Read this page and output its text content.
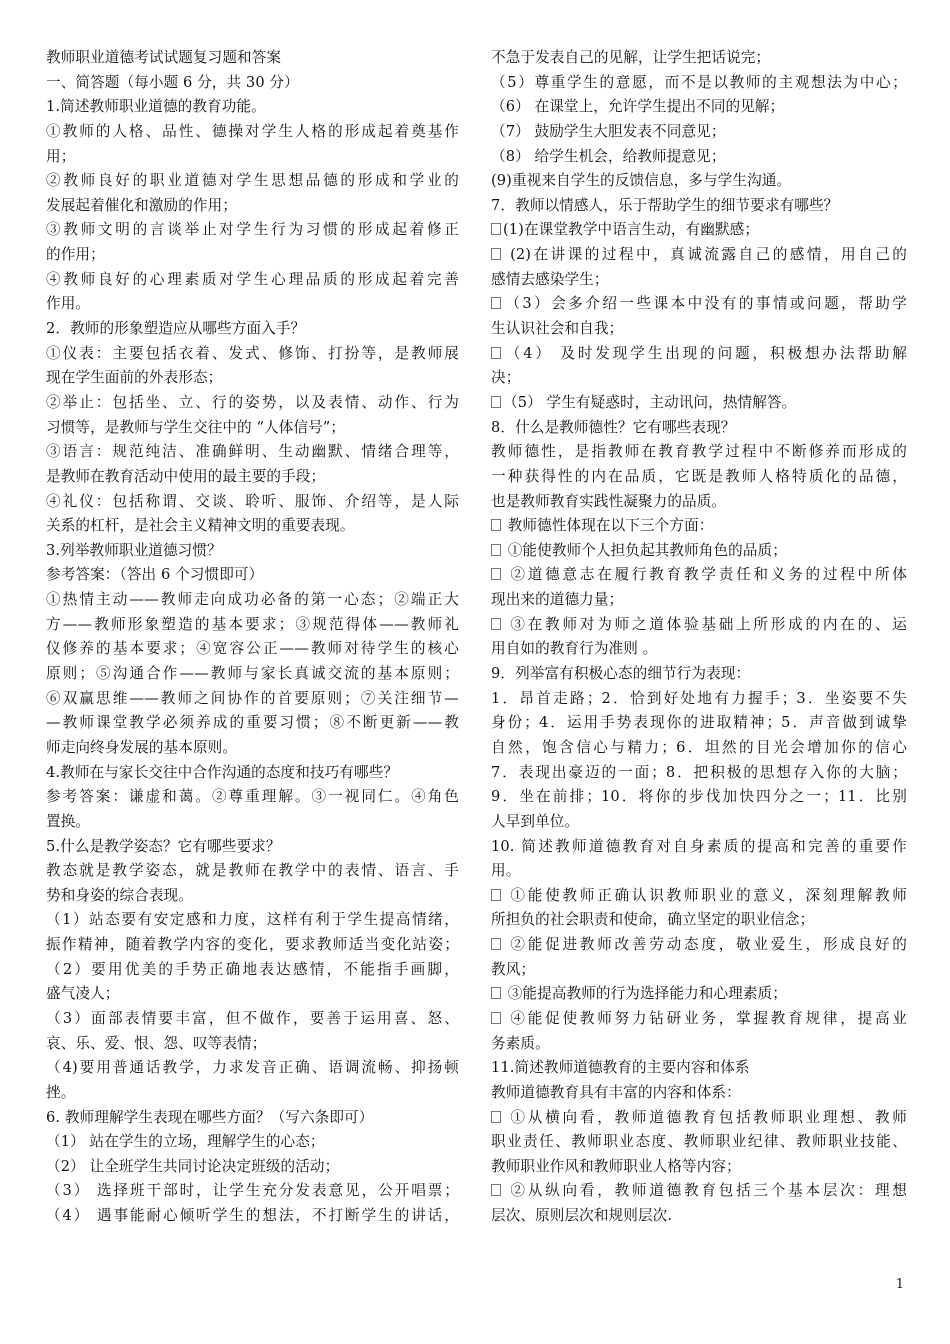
教师职业道德考试试题复习题和答案
一、简答题（每小题 6 分，共 30 分）
1.简述教师职业道德的教育功能。
①教师的人格、品性、德操对学生人格的形成起着奠基作
用；
②教师良好的职业道德对学生思想品德的形成和学业的
发展起着催化和激励的作用；
③教师文明的言谈举止对学生行为习惯的形成起着修正
的作用；
④教师良好的心理素质对学生心理品质的形成起着完善
作用。
2．教师的形象塑造应从哪些方面入手？
①仪表：主要包括衣着、发式、修饰、打扮等，是教师展
现在学生面前的外表形态；
②举止：包括坐、立、行的姿势，以及表情、动作、行为
习惯等，是教师与学生交往中的 “人体信号”；
③语言：规范纯洁、准确鲜明、生动幽默、情绪合理等，
是教师在教育活动中使用的最主要的手段；
④礼仪：包括称谓、交谈、聆听、服饰、介绍等，是人际
关系的杠杆，是社会主义精神文明的重要表现。
3.列举教师职业道德习惯？
参考答案：（答出 6 个习惯即可）
①热情主动——教师走向成功必备的第一心态；②端正大
方——教师形象塑造的基本要求；③规范得体——教师礼
仪修养的基本要求；④宽容公正——教师对待学生的核心
原则；⑤沟通合作——教师与家长真诚交流的基本原则；
⑥双赢思维——教师之间协作的首要原则；⑦关注细节—
—教师课堂教学必须养成的重要习惯；⑧不断更新——教
师走向终身发展的基本原则。
4.教师在与家长交往中合作沟通的态度和技巧有哪些？
参考答案：谦虚和蔼。②尊重理解。③一视同仁。④角色
置换。
5.什么是教学姿态？它有哪些要求？
教态就是教学姿态，就是教师在教学中的表情、语言、手
势和身姿的综合表现。
（1）站态要有安定感和力度，这样有利于学生提高情绪，
振作精神，随着教学内容的变化，要求教师适当变化站姿；
（2）要用优美的手势正确地表达感情，不能指手画脚，
盛气凌人；
（3）面部表情要丰富，但不做作，要善于运用喜、怒、
哀、乐、爱、恨、怨、叹等表情；
（4)要用普通话教学，力求发音正确、语调流畅、抑扬顿
挫。
6. 教师理解学生表现在哪些方面？（写六条即可）
（1） 站在学生的立场，理解学生的心态；
（2） 让全班学生共同讨论决定班级的活动；
（3） 选择班干部时，让学生充分发表意见，公开唱票；
（4） 遇事能耐心倾听学生的想法，不打断学生的讲话，
不急于发表自己的见解，让学生把话说完；
（5）尊重学生的意愿，而不是以教师的主观想法为中心；
（6） 在课堂上，允许学生提出不同的见解；
（7） 鼓励学生大胆发表不同意见；
（8） 给学生机会，给教师提意见；
(9)重视来自学生的反馈信息，多与学生沟通。
7．教师以情感人，乐于帮助学生的细节要求有哪些？
(1)在课堂教学中语言生动，有幽默感；
(2)在讲课的过程中，真诚流露自己的感情，用自己的
感情去感染学生；
（3）会多介绍一些课本中没有的事情或问题，帮助学
生认识社会和自我；
（4） 及时发现学生出现的问题，积极想办法帮助解
决；
（5） 学生有疑惑时，主动讯问，热情解答。
8．什么是教师德性？它有哪些表现？
教师德性，是指教师在教育教学过程中不断修养而形成的
一种获得性的内在品质，它既是教师人格特质化的品德，
也是教师教育实践性凝聚力的品质。
教师德性体现在以下三个方面：
①能使教师个人担负起其教师角色的品质；
②道德意志在履行教育教学责任和义务的过程中所体
现出来的道德力量；
③在教师对为师之道体验基础上所形成的内在的、运
用自如的教育行为准则 。
9．列举富有积极心态的细节行为表现：
1．昂首走路；2．恰到好处地有力握手；3．坐姿要不失
身份；4．运用手势表现你的进取精神；5．声音做到诚挚
自然，饱含信心与精力；6．坦然的目光会增加你的信心
7．表现出豪迈的一面；8．把积极的思想存入你的大脑；
9．坐在前排；10．将你的步伐加快四分之一；11．比别
人早到单位。
10. 简述教师道德教育对自身素质的提高和完善的重要作
用。
①能使教师正确认识教师职业的意义，深刻理解教师
所担负的社会职责和使命，确立坚定的职业信念；
②能促进教师改善劳动态度，敬业爱生，形成良好的
教风；
③能提高教师的行为选择能力和心理素质；
④能促使教师努力钻研业务，掌握教育规律，提高业
务素质。
11.简述教师道德教育的主要内容和体系
教师道德教育具有丰富的内容和体系：
①从横向看，教师道德教育包括教师职业理想、教师
职业责任、教师职业态度、教师职业纪律、教师职业技能、
教师职业作风和教师职业人格等内容；
②从纵向看，教师道德教育包括三个基本层次：理想
层次、原则层次和规则层次.
1
